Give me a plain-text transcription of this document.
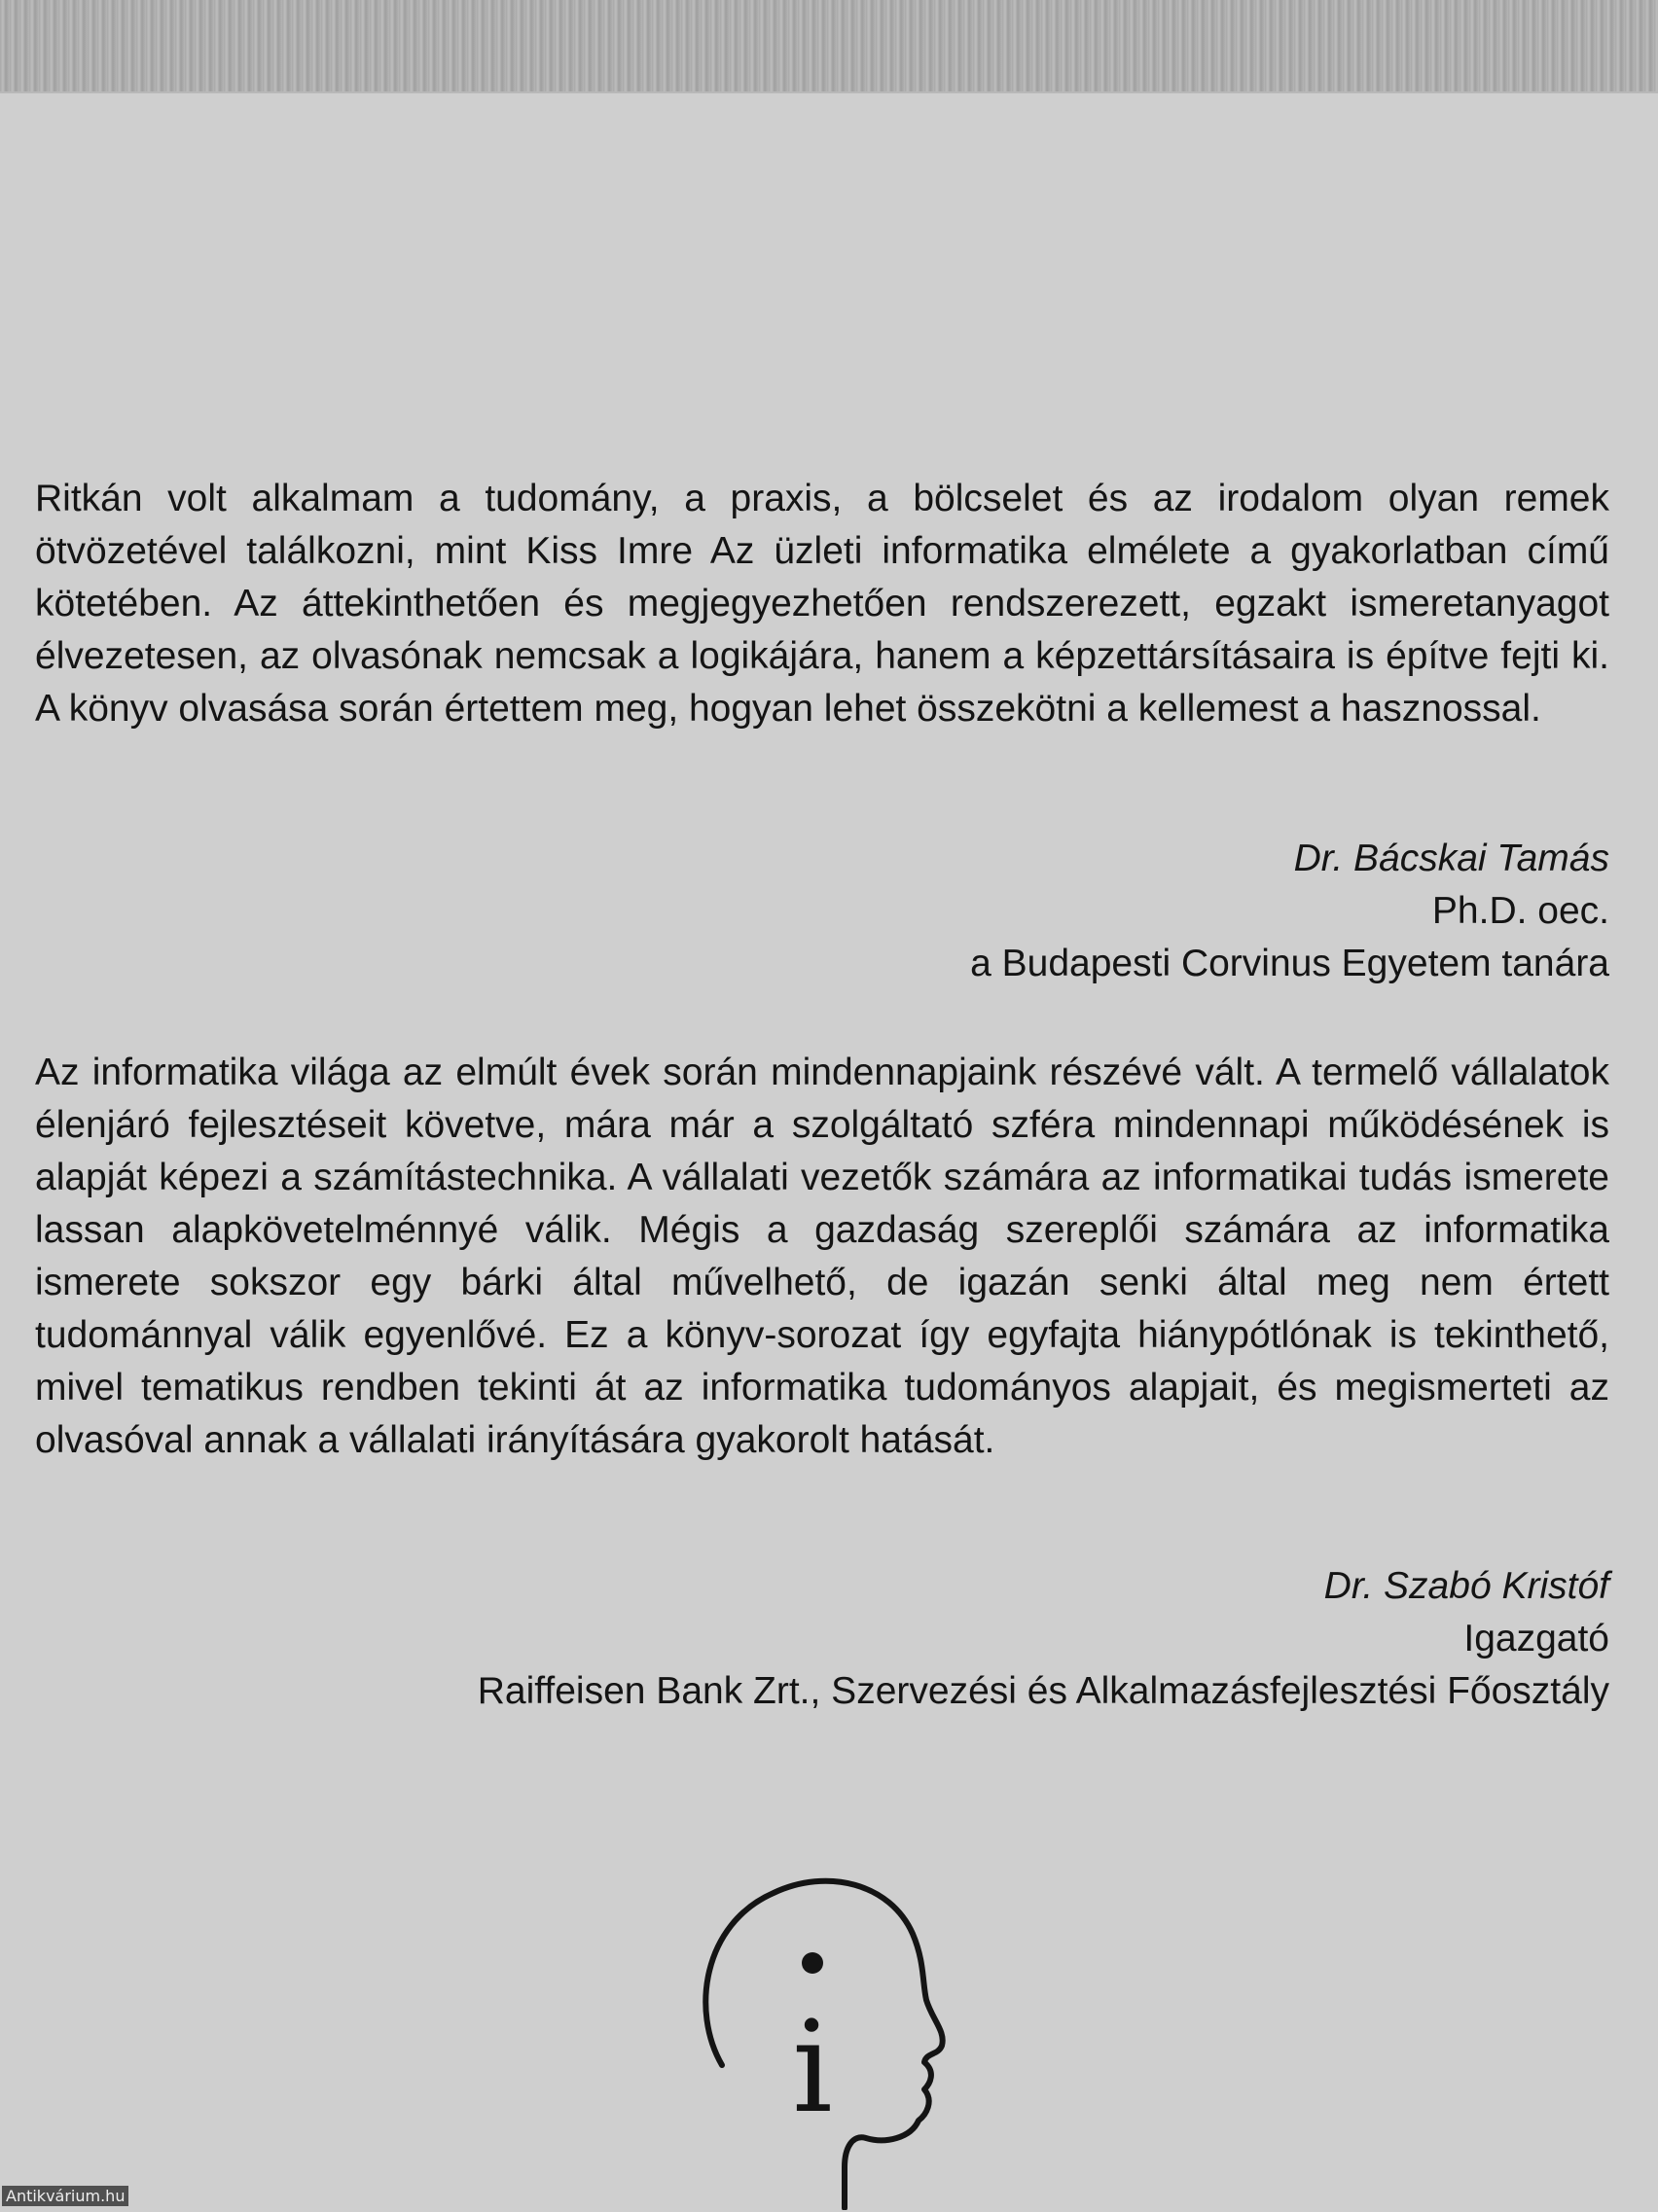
Ritkán volt alkalmam a tudomány, a praxis, a bölcselet és az irodalom olyan remek ötvözetével találkozni, mint Kiss Imre Az üzleti informatika elmélete a gyakorlatban című kötetében. Az áttekinthetően és megjegyezhetően rendszerezett, egzakt ismeretanyagot élvezetesen, az olvasónak nemcsak a logikájára, hanem a képzettársításaira is építve fejti ki. A könyv olvasása során értettem meg, hogyan lehet összekötni a kellemest a hasznossal.

Dr. Bácskai Tamás
Ph.D. oec.
a Budapesti Corvinus Egyetem tanára

Az informatika világa az elmúlt évek során mindennapjaink részévé vált. A termelő vállalatok élenjáró fejlesztéseit követve, mára már a szolgáltató szféra mindennapi működésének is alapját képezi a számítástechnika. A vállalati vezetők számára az informatikai tudás ismerete lassan alapkövetelménnyé válik. Mégis a gazdaság szereplői számára az informatika ismerete sokszor egy bárki által művelhető, de igazán senki által meg nem értett tudománnyal válik egyenlővé. Ez a könyv-sorozat így egyfajta hiánypótlónak is tekinthető, mivel tematikus rendben tekinti át az informatika tudományos alapjait, és megismerteti az olvasóval annak a vállalati irányítására gyakorolt hatását.

Dr. Szabó Kristóf
Igazgató
Raiffeisen Bank Zrt., Szervezési és Alkalmazásfejlesztési Főosztály
i
Antikvárium.hu
